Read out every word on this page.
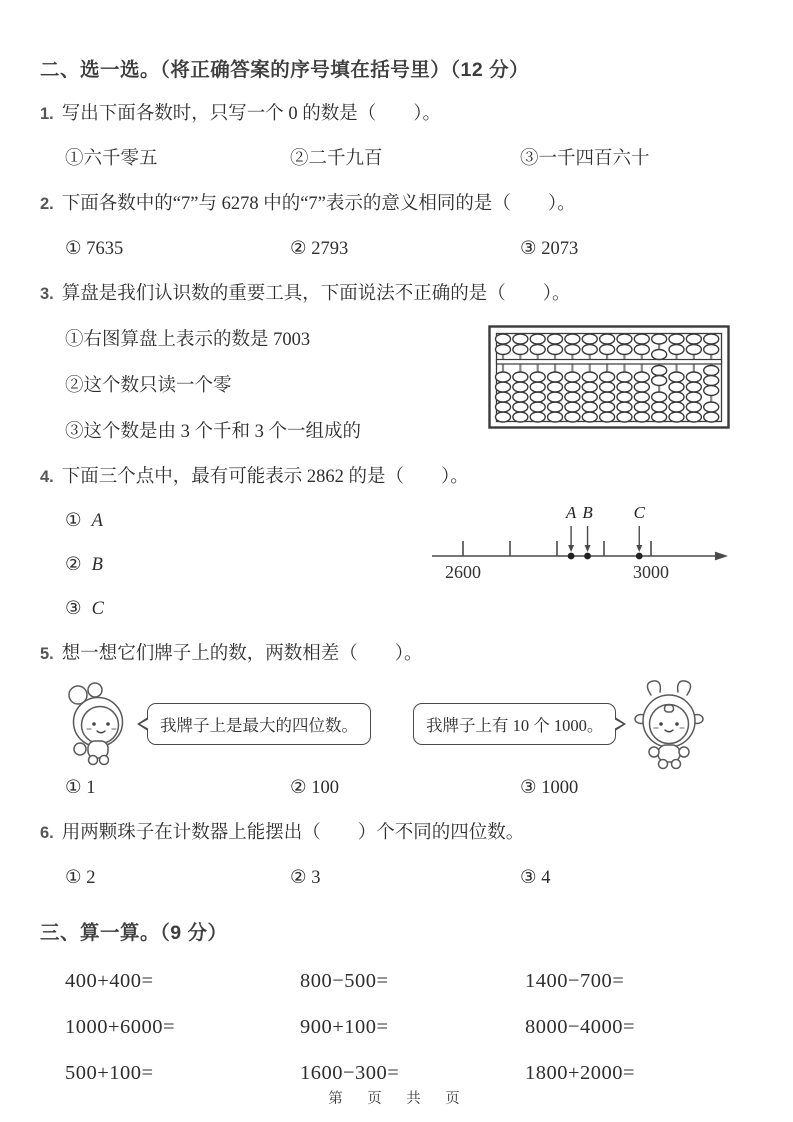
二、选一选。（将正确答案的序号填在括号里）（12 分）
1. 写出下面各数时，只写一个 0 的数是（　　）。
①六千零五	②二千九百	③一千四百六十
2. 下面各数中的“7”与 6278 中的“7”表示的意义相同的是（　　）。
① 7635	② 2793	③ 2073
3. 算盘是我们认识数的重要工具，下面说法不正确的是（　　）。
①右图算盘上表示的数是 7003
②这个数只读一个零
③这个数是由 3 个千和 3 个一组成的
4. 下面三个点中，最有可能表示 2862 的是（　　）。
① A
② B
③ C
2600	3000
A B C
5. 想一想它们牌子上的数，两数相差（　　）。
我牌子上是最大的四位数。	我牌子上有 10 个 1000。
① 1	② 100	③ 1000
6. 用两颗珠子在计数器上能摆出（　　）个不同的四位数。
① 2	② 3	③ 4
三、算一算。（9 分）
400+400=	800−500=	1400−700=
1000+6000=	900+100=	8000−4000=
500+100=	1600−300=	1800+2000=
第　页　共　页
